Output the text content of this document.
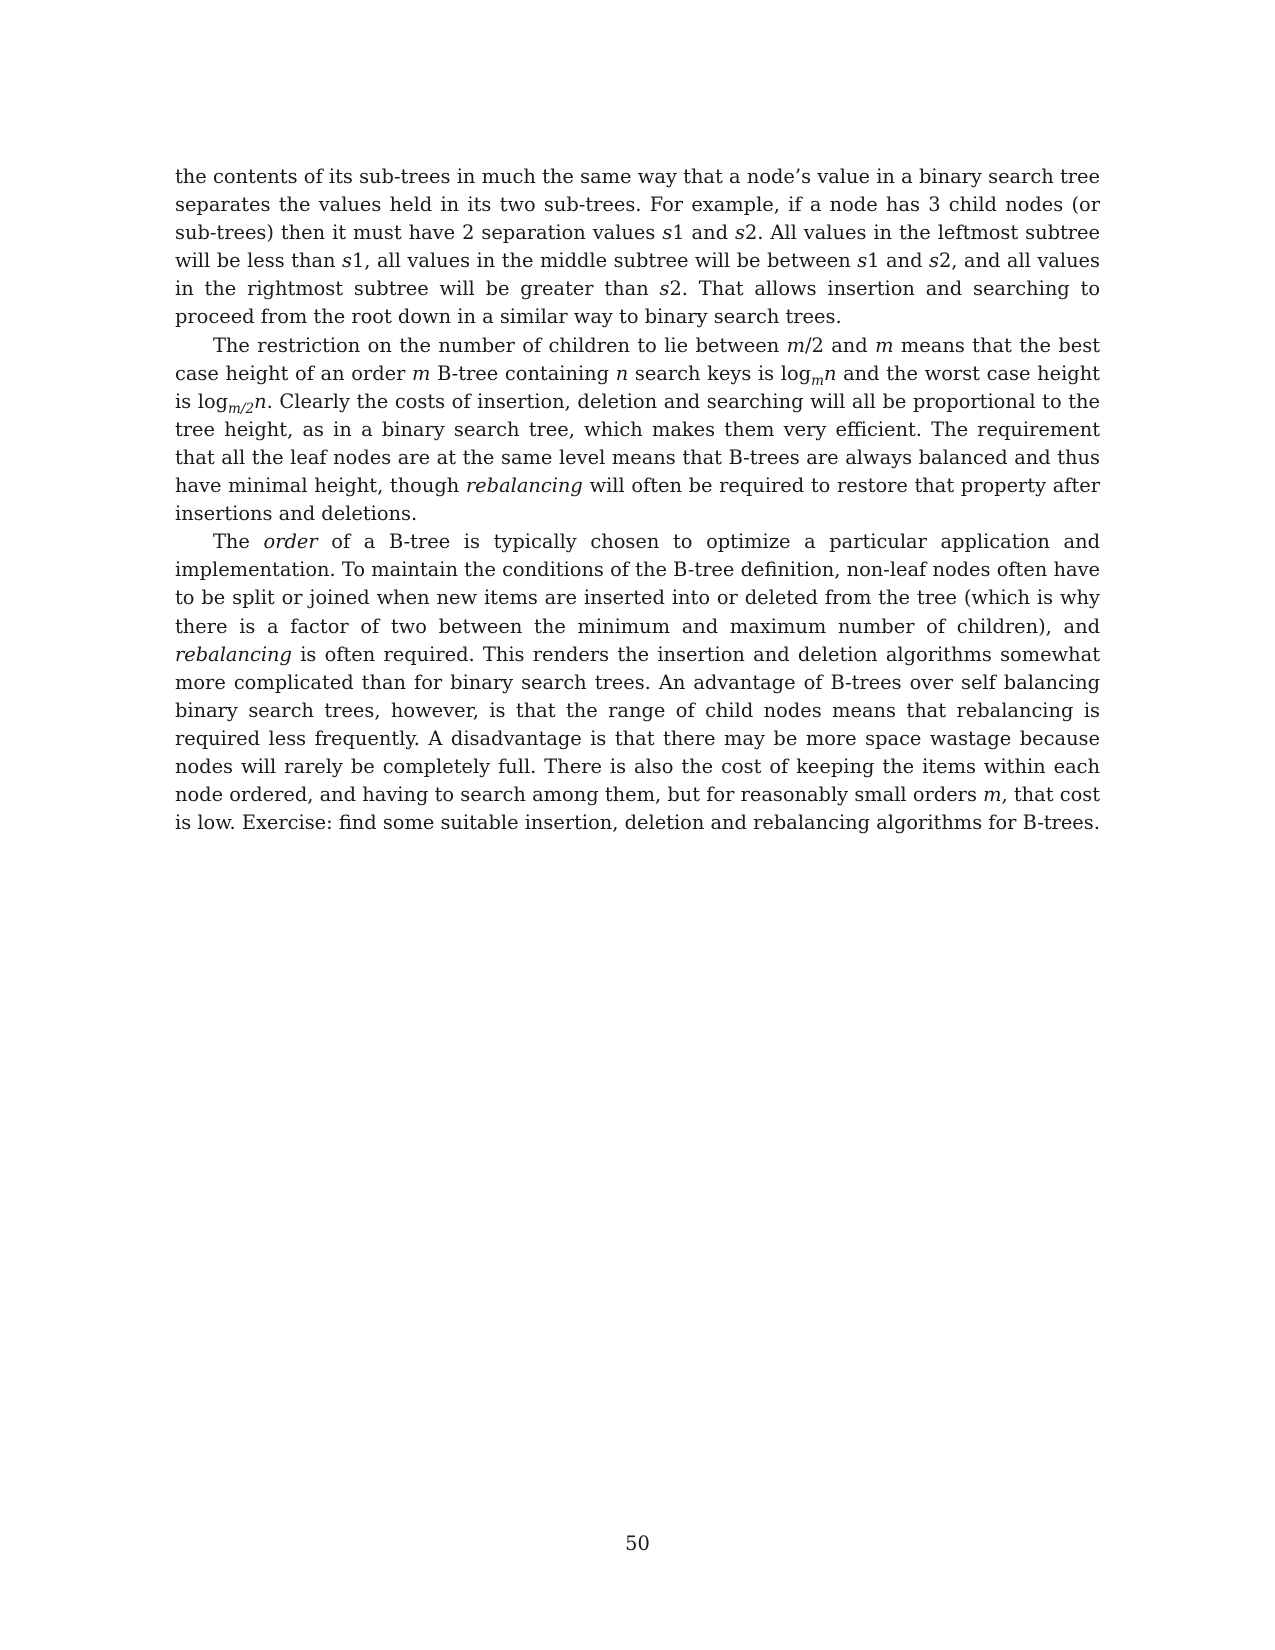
the contents of its sub-trees in much the same way that a node’s value in a binary search tree separates the values held in its two sub-trees. For example, if a node has 3 child nodes (or sub-trees) then it must have 2 separation values s1 and s2. All values in the leftmost subtree will be less than s1, all values in the middle subtree will be between s1 and s2, and all values in the rightmost subtree will be greater than s2. That allows insertion and searching to proceed from the root down in a similar way to binary search trees.

The restriction on the number of children to lie between m/2 and m means that the best case height of an order m B-tree containing n search keys is $\log_mn$ and the worst case height is $\log_{m/2}n$. Clearly the costs of insertion, deletion and searching will all be proportional to the tree height, as in a binary search tree, which makes them very efficient. The requirement that all the leaf nodes are at the same level means that B-trees are always balanced and thus have minimal height, though rebalancing will often be required to restore that property after insertions and deletions.

The order of a B-tree is typically chosen to optimize a particular application and implementation. To maintain the conditions of the B-tree definition, non-leaf nodes often have to be split or joined when new items are inserted into or deleted from the tree (which is why there is a factor of two between the minimum and maximum number of children), and rebalancing is often required. This renders the insertion and deletion algorithms somewhat more complicated than for binary search trees. An advantage of B-trees over self balancing binary search trees, however, is that the range of child nodes means that rebalancing is required less frequently. A disadvantage is that there may be more space wastage because nodes will rarely be completely full. There is also the cost of keeping the items within each node ordered, and having to search among them, but for reasonably small orders m, that cost is low. Exercise: find some suitable insertion, deletion and rebalancing algorithms for B-trees.

50
